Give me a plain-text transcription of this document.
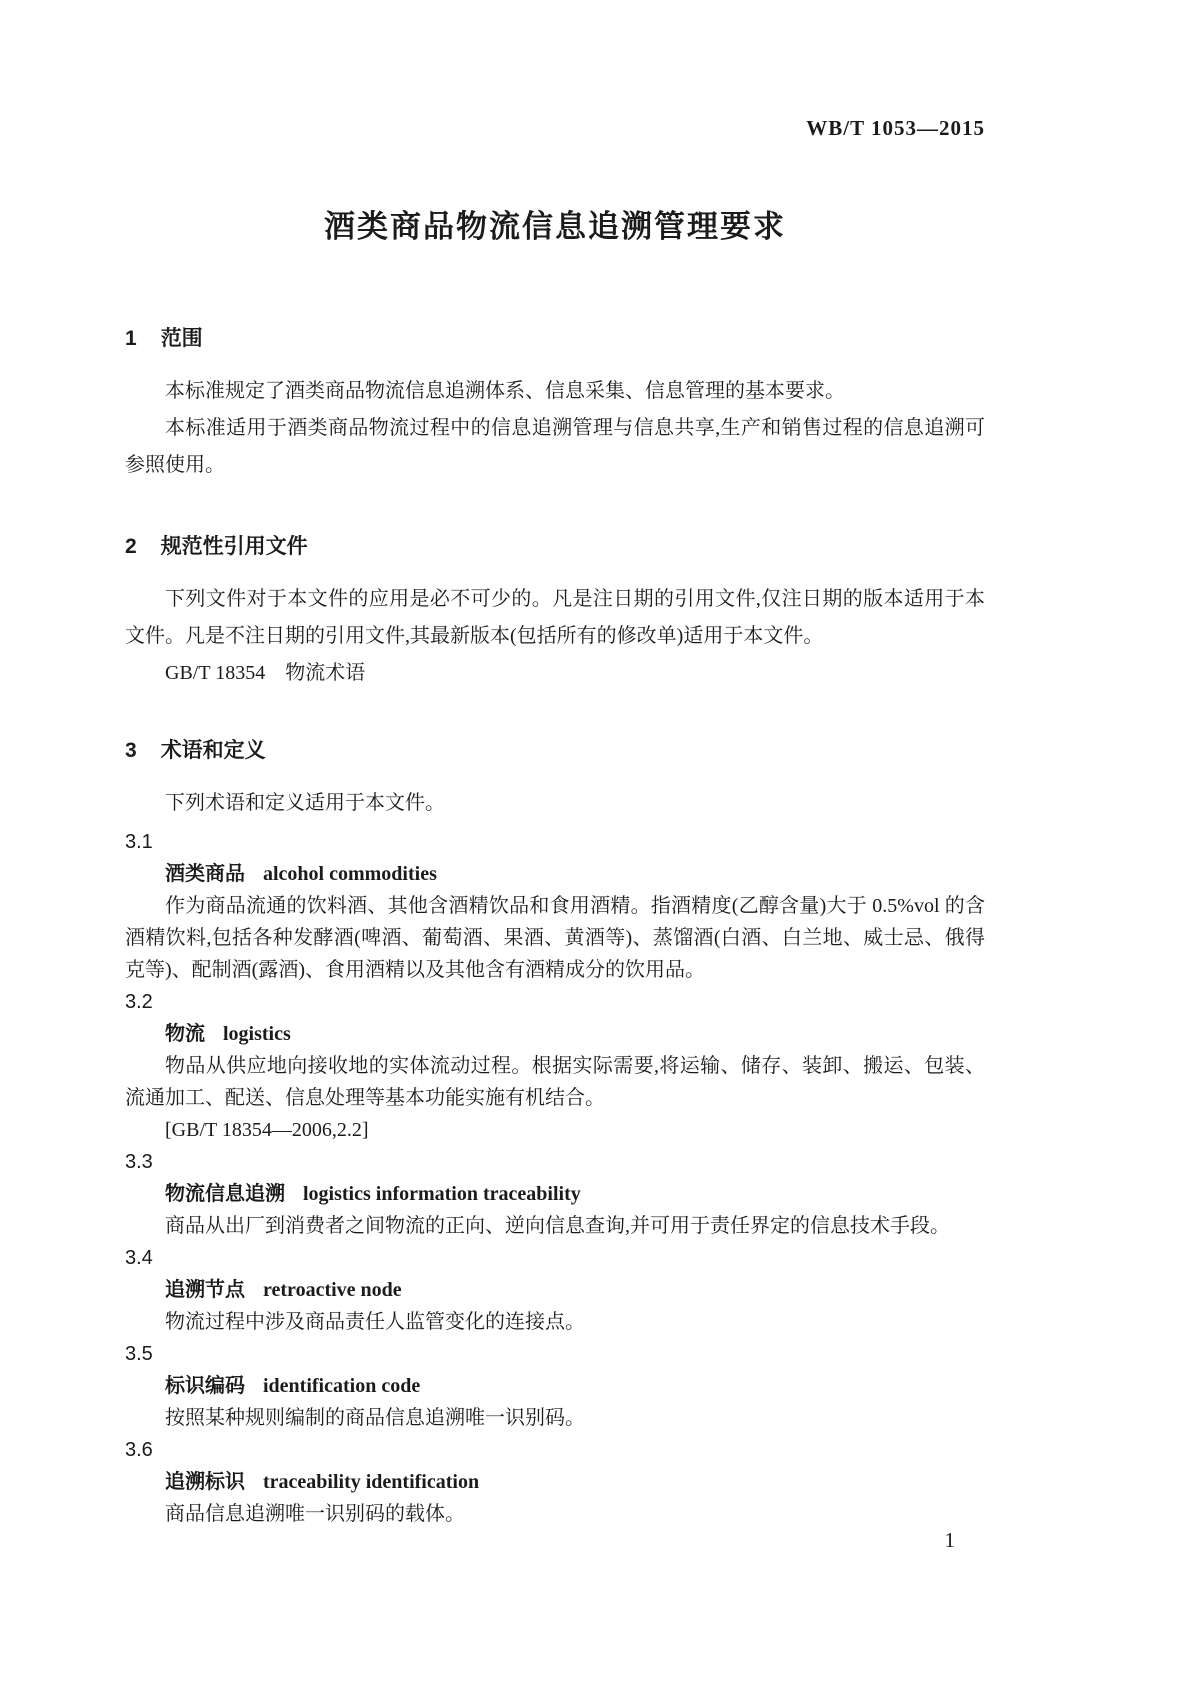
WB/T 1053—2015
酒类商品物流信息追溯管理要求
1 范围

本标准规定了酒类商品物流信息追溯体系、信息采集、信息管理的基本要求。

本标准适用于酒类商品物流过程中的信息追溯管理与信息共享,生产和销售过程的信息追溯可参照使用。

2 规范性引用文件

下列文件对于本文件的应用是必不可少的。凡是注日期的引用文件,仅注日期的版本适用于本文件。凡是不注日期的引用文件,其最新版本(包括所有的修改单)适用于本文件。

GB/T 18354　物流术语

3 术语和定义

下列术语和定义适用于本文件。

3.1
酒类商品 alcohol commodities

作为商品流通的饮料酒、其他含酒精饮品和食用酒精。指酒精度(乙醇含量)大于 0.5%vol 的含酒精饮料,包括各种发酵酒(啤酒、葡萄酒、果酒、黄酒等)、蒸馏酒(白酒、白兰地、威士忌、俄得克等)、配制酒(露酒)、食用酒精以及其他含有酒精成分的饮用品。

3.2
物流 logistics

物品从供应地向接收地的实体流动过程。根据实际需要,将运输、储存、装卸、搬运、包装、流通加工、配送、信息处理等基本功能实施有机结合。

[GB/T 18354—2006,2.2]

3.3
物流信息追溯 logistics information traceability

商品从出厂到消费者之间物流的正向、逆向信息查询,并可用于责任界定的信息技术手段。

3.4
追溯节点 retroactive node

物流过程中涉及商品责任人监管变化的连接点。

3.5
标识编码 identification code

按照某种规则编制的商品信息追溯唯一识别码。

3.6
追溯标识 traceability identification

商品信息追溯唯一识别码的载体。

1
